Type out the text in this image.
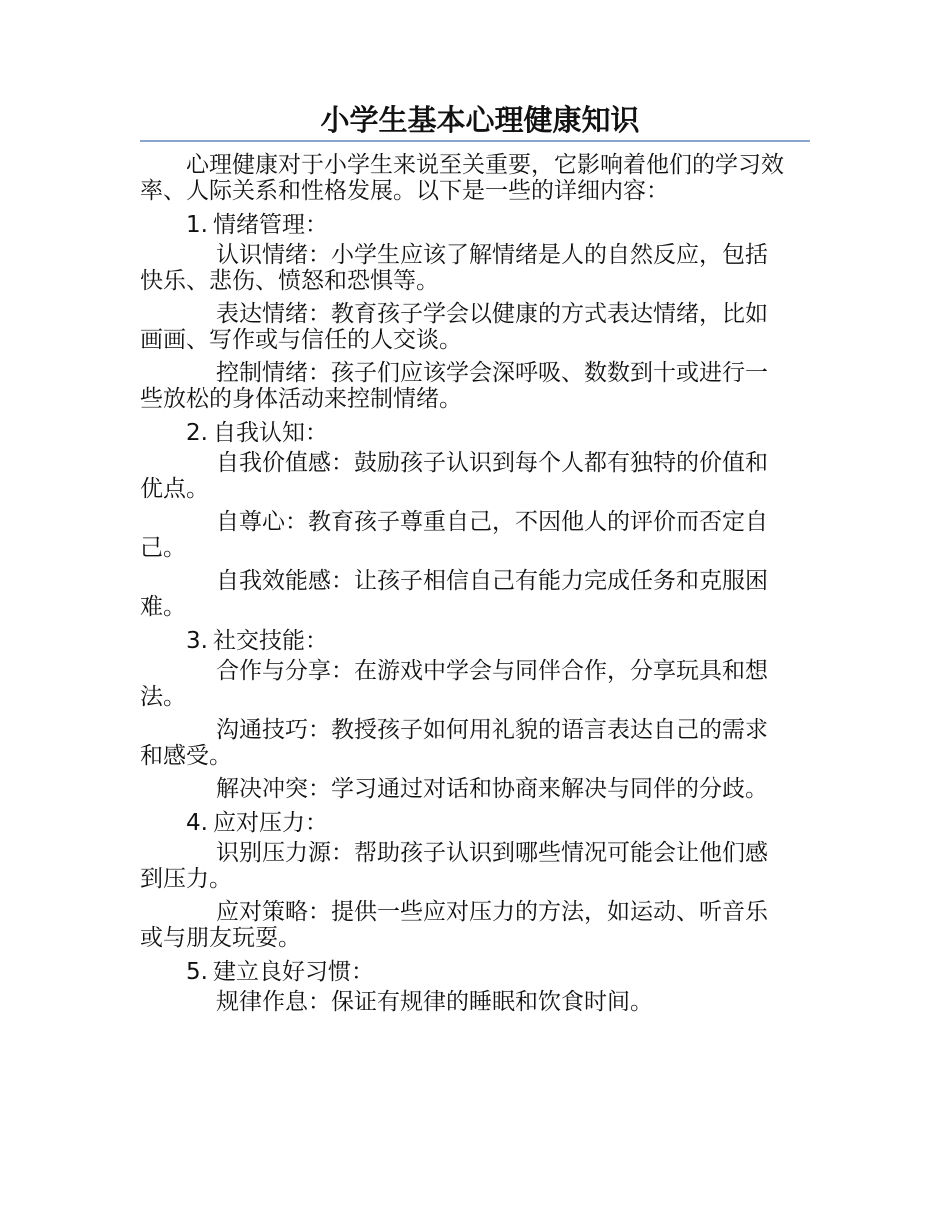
小学生基本心理健康知识

心理健康对于小学生来说至关重要，它影响着他们的学习效率、人际关系和性格发展。以下是一些的详细内容：

1. 情绪管理：

认识情绪：小学生应该了解情绪是人的自然反应，包括快乐、悲伤、愤怒和恐惧等。

表达情绪：教育孩子学会以健康的方式表达情绪，比如画画、写作或与信任的人交谈。

控制情绪：孩子们应该学会深呼吸、数数到十或进行一些放松的身体活动来控制情绪。

2. 自我认知：

自我价值感：鼓励孩子认识到每个人都有独特的价值和优点。

自尊心：教育孩子尊重自己，不因他人的评价而否定自己。

自我效能感：让孩子相信自己有能力完成任务和克服困难。

3. 社交技能：

合作与分享：在游戏中学会与同伴合作，分享玩具和想法。

沟通技巧：教授孩子如何用礼貌的语言表达自己的需求和感受。

解决冲突：学习通过对话和协商来解决与同伴的分歧。

4. 应对压力：

识别压力源：帮助孩子认识到哪些情况可能会让他们感到压力。

应对策略：提供一些应对压力的方法，如运动、听音乐或与朋友玩耍。

5. 建立良好习惯：

规律作息：保证有规律的睡眠和饮食时间。
